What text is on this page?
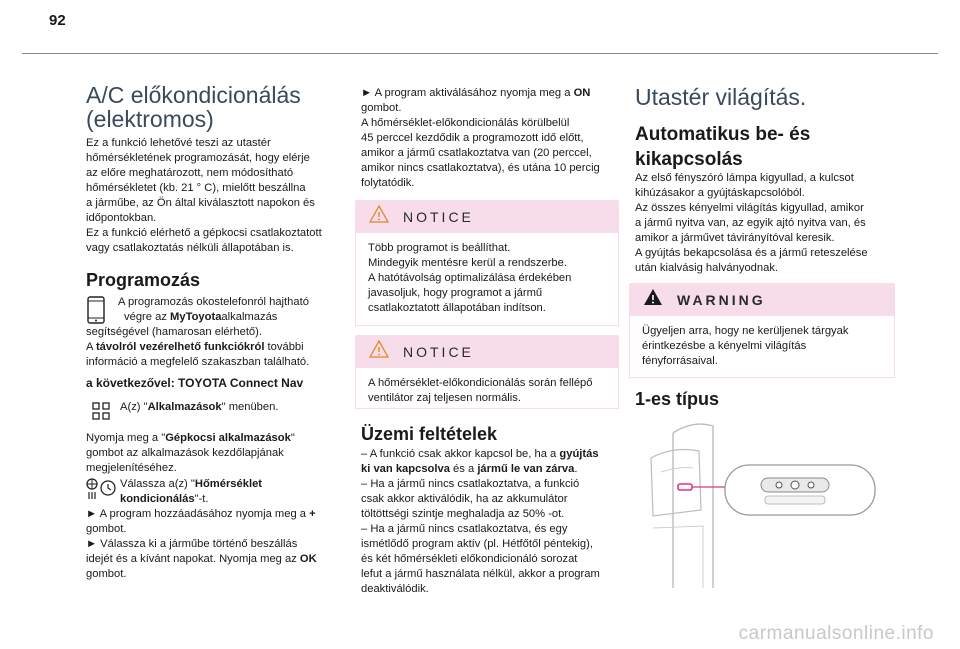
92
A/C előkondicionálás
(elektromos)
Ez a funkció lehetővé teszi az utastér
hőmérsékletének programozását, hogy elérje
az előre meghatározott, nem módosítható
hőmérsékletet (kb. 21 ° C), mielőtt beszállna
a járműbe, az Ön által kiválasztott napokon és
időpontokban.
Ez a funkció elérhető a gépkocsi csatlakoztatott
vagy csatlakoztatás nélküli állapotában is.
Programozás
A programozás okostelefonról hajtható
végre az MyToyotaalkalmazás
segítségével (hamarosan elérhető).
A távolról vezérelhető funkciókról további
információ a megfelelő szakaszban található.
a következővel: TOYOTA Connect Nav
A(z) "Alkalmazások" menüben.
Nyomja meg a "Gépkocsi alkalmazások"
gombot az alkalmazások kezdőlapjának
megjelenítéséhez.
Válassza a(z) "Hőmérséklet
kondicionálás"-t.
► A program hozzáadásához nyomja meg a +
gombot.
► Válassza ki a járműbe történő beszállás
idejét és a kívánt napokat. Nyomja meg az OK
gombot.
► A program aktiválásához nyomja meg a ON
gombot.
A hőmérséklet-előkondicionálás körülbelül
45 perccel kezdődik a programozott idő előtt,
amikor a jármű csatlakoztatva van (20 perccel,
amikor nincs csatlakoztatva), és utána 10 percig
folytatódik.
NOTICE
Több programot is beállíthat.
Mindegyik mentésre kerül a rendszerbe.
A hatótávolság optimalizálása érdekében
javasoljuk, hogy programot a jármű
csatlakoztatott állapotában indítson.
NOTICE
A hőmérséklet-előkondicionálás során fellépő
ventilátor zaj teljesen normális.
Üzemi feltételek
– A funkció csak akkor kapcsol be, ha a gyújtás
ki van kapcsolva és a jármű le van zárva.
– Ha a jármű nincs csatlakoztatva, a funkció
csak akkor aktiválódik, ha az akkumulátor
töltöttségi szintje meghaladja az 50% -ot.
– Ha a jármű nincs csatlakoztatva, és egy
ismétlődő program aktív (pl. Hétfőtől péntekig),
és két hőmérsékleti előkondicionáló sorozat
lefut a jármű használata nélkül, akkor a program
deaktiválódik.
Utastér világítás.
Automatikus be- és
kikapcsolás
Az első fényszóró lámpa kigyullad, a kulcsot
kihúzásakor a gyújtáskapcsolóból.
Az összes kényelmi világítás kigyullad, amikor
a jármű nyitva van, az egyik ajtó nyitva van, és
amikor a járművet távirányítóval keresik.
A gyújtás bekapcsolása és a jármű reteszelése
után kialvásig halványodnak.
WARNING
Ügyeljen arra, hogy ne kerüljenek tárgyak
érintkezésbe a kényelmi világítás
fényforrásaival.
1-es típus
carmanualsonline.info
